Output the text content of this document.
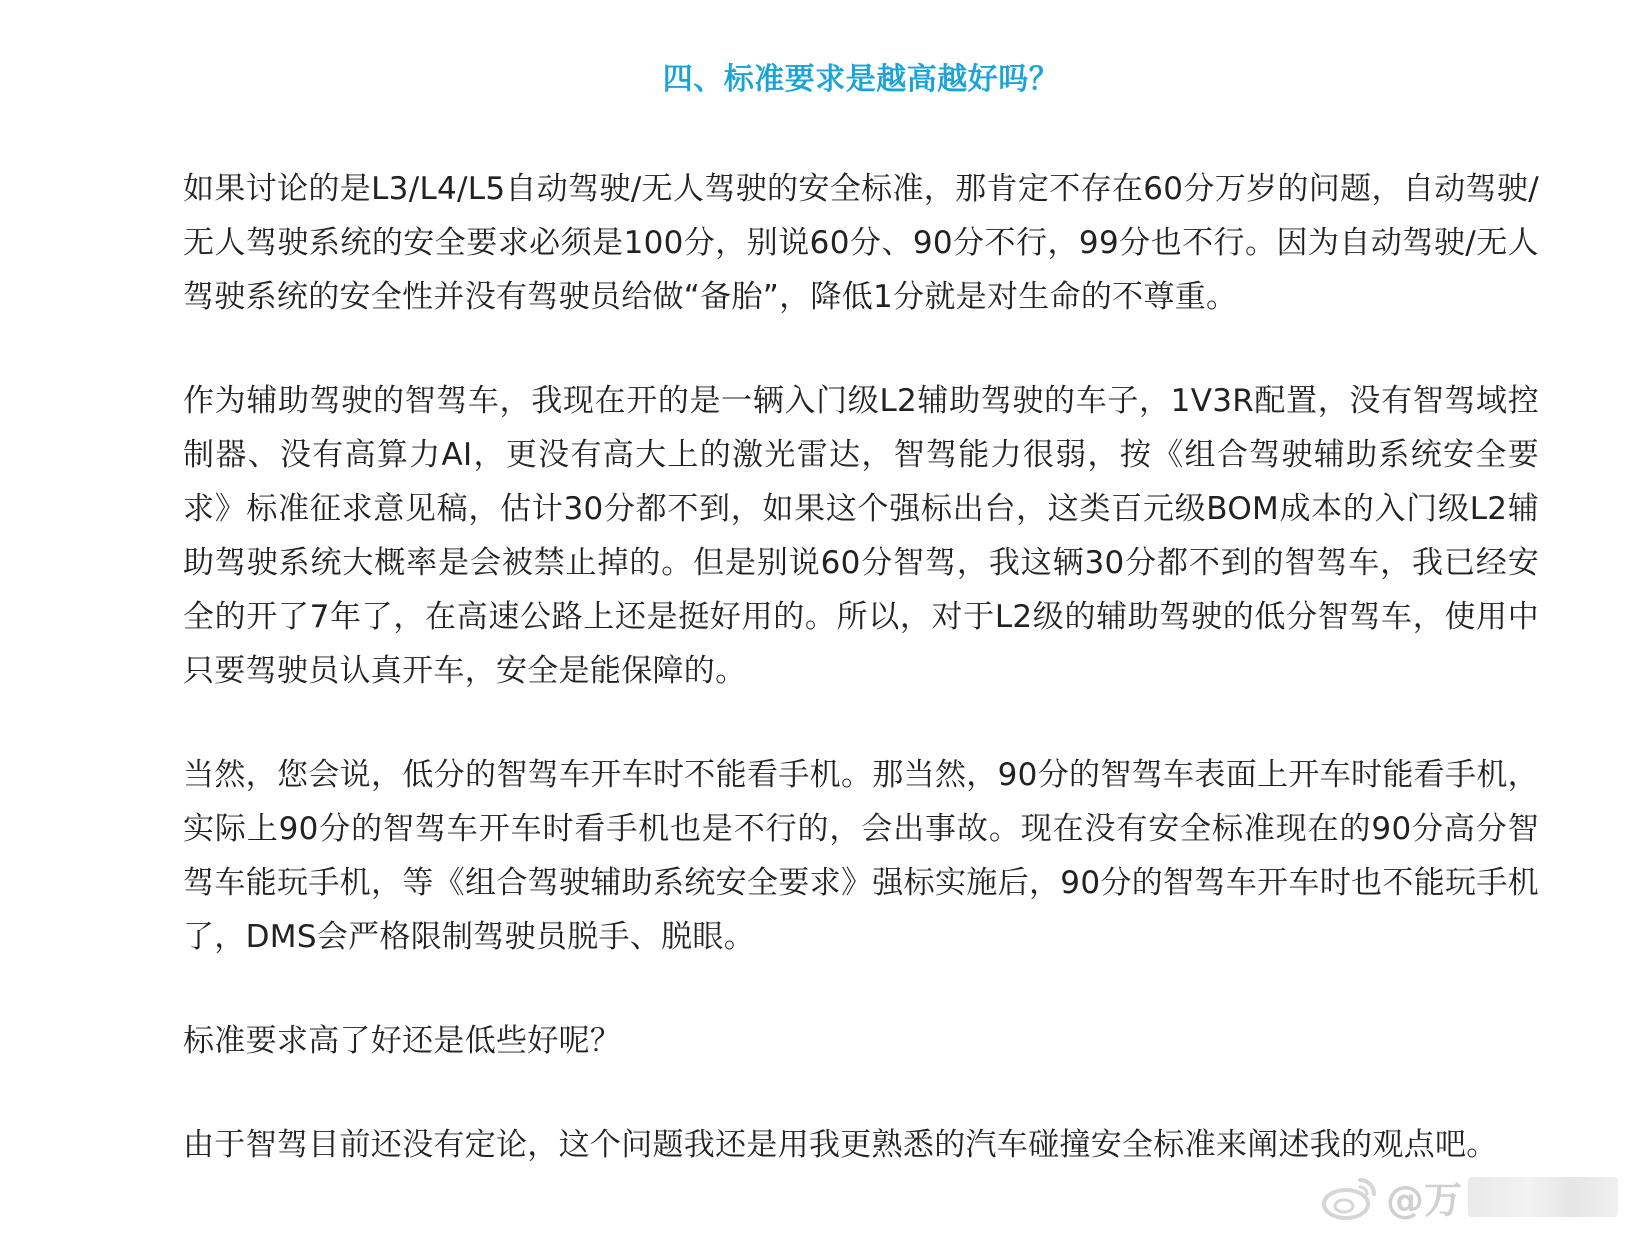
四、标准要求是越高越好吗？

如果讨论的是L3/L4/L5自动驾驶/无人驾驶的安全标准，那肯定不存在60分万岁的问题，自动驾驶/无人驾驶系统的安全要求必须是100分，别说60分、90分不行，99分也不行。因为自动驾驶/无人驾驶系统的安全性并没有驾驶员给做“备胎”，降低1分就是对生命的不尊重。

作为辅助驾驶的智驾车，我现在开的是一辆入门级L2辅助驾驶的车子，1V3R配置，没有智驾域控制器、没有高算力AI，更没有高大上的激光雷达，智驾能力很弱，按《组合驾驶辅助系统安全要求》标准征求意见稿，估计30分都不到，如果这个强标出台，这类百元级BOM成本的入门级L2辅助驾驶系统大概率是会被禁止掉的。但是别说60分智驾，我这辆30分都不到的智驾车，我已经安全的开了7年了，在高速公路上还是挺好用的。所以，对于L2级的辅助驾驶的低分智驾车，使用中只要驾驶员认真开车，安全是能保障的。

当然，您会说，低分的智驾车开车时不能看手机。那当然，90分的智驾车表面上开车时能看手机，实际上90分的智驾车开车时看手机也是不行的，会出事故。现在没有安全标准现在的90分高分智驾车能玩手机，等《组合驾驶辅助系统安全要求》强标实施后，90分的智驾车开车时也不能玩手机了，DMS会严格限制驾驶员脱手、脱眼。

标准要求高了好还是低些好呢？

由于智驾目前还没有定论，这个问题我还是用我更熟悉的汽车碰撞安全标准来阐述我的观点吧。

@万
